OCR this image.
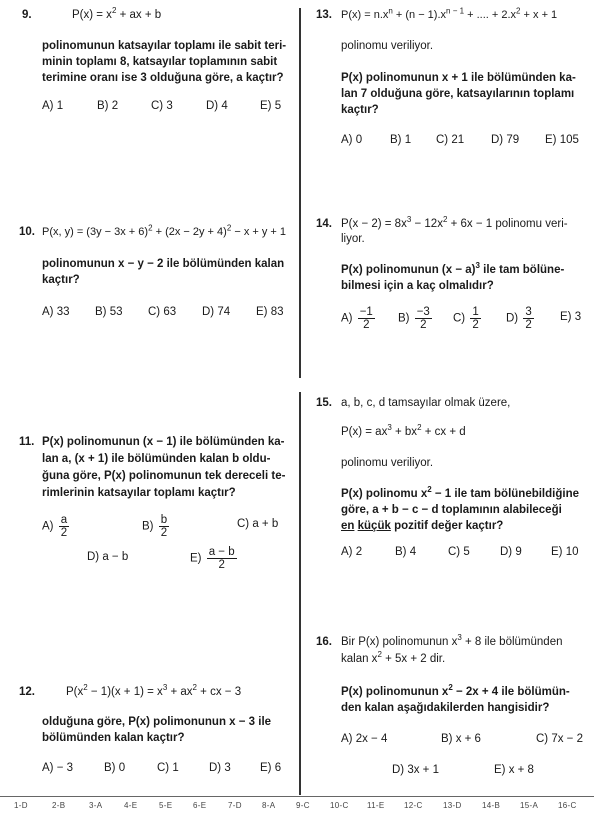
9.	$P(x) = x^2$ + ax + b
polinomunun katsayılar toplamı ile sabit teri-
minin toplamı 8, katsayılar toplamının sabit
terimine oranı ise 3 olduğuna göre, a kaçtır?
A) 1	B) 2	C) 3	D) 4	E) 5
10. P(x, $y) = (3y - 3x + 6)^2 + (2x - 2y + 4)^2 - x + y + 1$
polinomunun x − y − 2 ile bölümünden kalan
kaçtır?
A) 33 B) 53 C) 63 D) 74 E) 83
11. P(x) polinomunun (x − 1) ile bölümünden ka-
lan a, (x + 1) ile bölümünden kalan b oldu-
ğuna göre, P(x) polinomunun tek dereceli te-
rimlerinin katsayılar toplamı kaçtır?
$A) \frac{a}{2}$	$B) \frac{b}{2}$	C) a + b
D) a − b	$E) \frac{a - b}{2}$
12.	$P(x^2 - 1)(x + 1) = x^3 + ax^2$ + cx − 3
olduğuna göre, P(x) polimonunun x − 3 ile
bölümünden kalan kaçtır?
A) − 3	B) 0	C) 1	D) 3	E) 6
13. $P(x) = n.x^n + (n - 1).x^{n - 1}$ + .... + $2.x^2 + x + 1$
polinomu veriliyor.
P(x) polinomunun x + 1 ile bölümünden ka-
lan 7 olduğuna göre, katsayılarının toplamı
kaçtır?
A) 0 B) 1 C) 21 D) 79 E) 105
14. $P(x - 2) = 8x^3 - 12x^2 + 6x - 1$ polinomu veri-
liyor.
P(x) polinomunun $(x - a)^3$ ile tam bölüne-
bilmesi için a kaç olmalıdır?
$A) \frac{-1}{2} B) \frac{-3}{2} C) \frac{1}{2} D) \frac{3}{2} E$) 3
15. a, b, c, d tamsayılar olmak üzere,
$P(x) = ax^3 + bx^2$ + cx + d
polinomu veriliyor.
P(x) polinomu $x^2 - 1$ ile tam bölünebildiğine
göre, a + b − c − d toplamının alabileceği
en küçük pozitif değer kaçtır?
A) 2	B) 4	C) 5	D) 9	E) 10
16. Bir P(x) polinomunun $x^3 + 8$ ile bölümünden
kalan $x^2 + 5x + 2$ dir.
P(x) polinomunun $x^2 - 2x + 4$ ile bölümün-
den kalan aşağıdakilerden hangisidir?
A) 2x − 4	B) x + 6	C) 7x − 2
D) 3x + 1	E) x + 8
1-D	2-B	3-A	4-E	5-E	6-E	7-D	8-A	9-C	10-C 11-E 12-C	13-D	14-B 15-A 16-C
